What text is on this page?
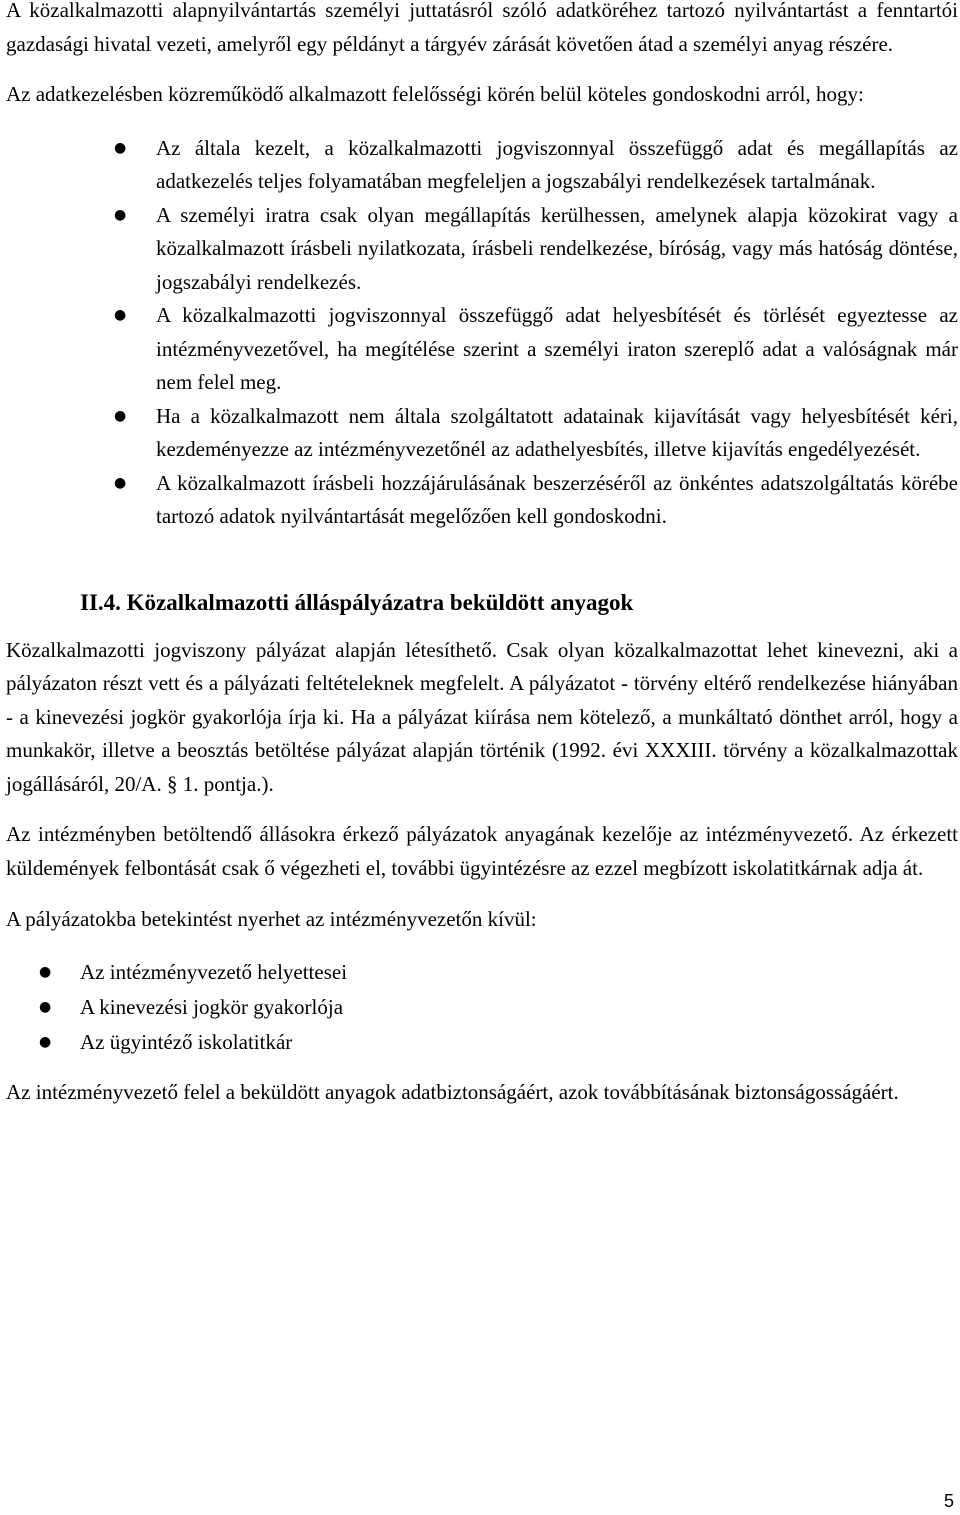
A közalkalmazotti alapnyilvántartás személyi juttatásról szóló adatköréhez tartozó nyilvántartást a fenntartói gazdasági hivatal vezeti, amelyről egy példányt a tárgyév zárását követően átad a személyi anyag részére.

Az adatkezelésben közreműködő alkalmazott felelősségi körén belül köteles gondoskodni arról, hogy:

● Az általa kezelt, a közalkalmazotti jogviszonnyal összefüggő adat és megállapítás az adatkezelés teljes folyamatában megfeleljen a jogszabályi rendelkezések tartalmának.
● A személyi iratra csak olyan megállapítás kerülhessen, amelynek alapja közokirat vagy a közalkalmazott írásbeli nyilatkozata, írásbeli rendelkezése, bíróság, vagy más hatóság döntése, jogszabályi rendelkezés.
● A közalkalmazotti jogviszonnyal összefüggő adat helyesbítését és törlését egyeztesse az intézményvezetővel, ha megítélése szerint a személyi iraton szereplő adat a valóságnak már nem felel meg.
● Ha a közalkalmazott nem általa szolgáltatott adatainak kijavítását vagy helyesbítését kéri, kezdeményezze az intézményvezetőnél az adathelyesbítés, illetve kijavítás engedélyezését.
● A közalkalmazott írásbeli hozzájárulásának beszerzéséről az önkéntes adatszolgáltatás körébe tartozó adatok nyilvántartását megelőzően kell gondoskodni.
II.4. Közalkalmazotti álláspályázatra beküldött anyagok

Közalkalmazotti jogviszony pályázat alapján létesíthető. Csak olyan közalkalmazottat lehet kinevezni, aki a pályázaton részt vett és a pályázati feltételeknek megfelelt. A pályázatot - törvény eltérő rendelkezése hiányában - a kinevezési jogkör gyakorlója írja ki. Ha a pályázat kiírása nem kötelező, a munkáltató dönthet arról, hogy a munkakör, illetve a beosztás betöltése pályázat alapján történik (1992. évi XXXIII. törvény a közalkalmazottak jogállásáról, 20/A. § 1. pontja.).

Az intézményben betöltendő állásokra érkező pályázatok anyagának kezelője az intézményvezető. Az érkezett küldemények felbontását csak ő végezheti el, további ügyintézésre az ezzel megbízott iskolatitkárnak adja át.

A pályázatokba betekintést nyerhet az intézményvezetőn kívül:

● Az intézményvezető helyettesei
● A kinevezési jogkör gyakorlója
● Az ügyintéző iskolatitkár

Az intézményvezető felel a beküldött anyagok adatbiztonságáért, azok továbbításának biztonságosságáért.

5
